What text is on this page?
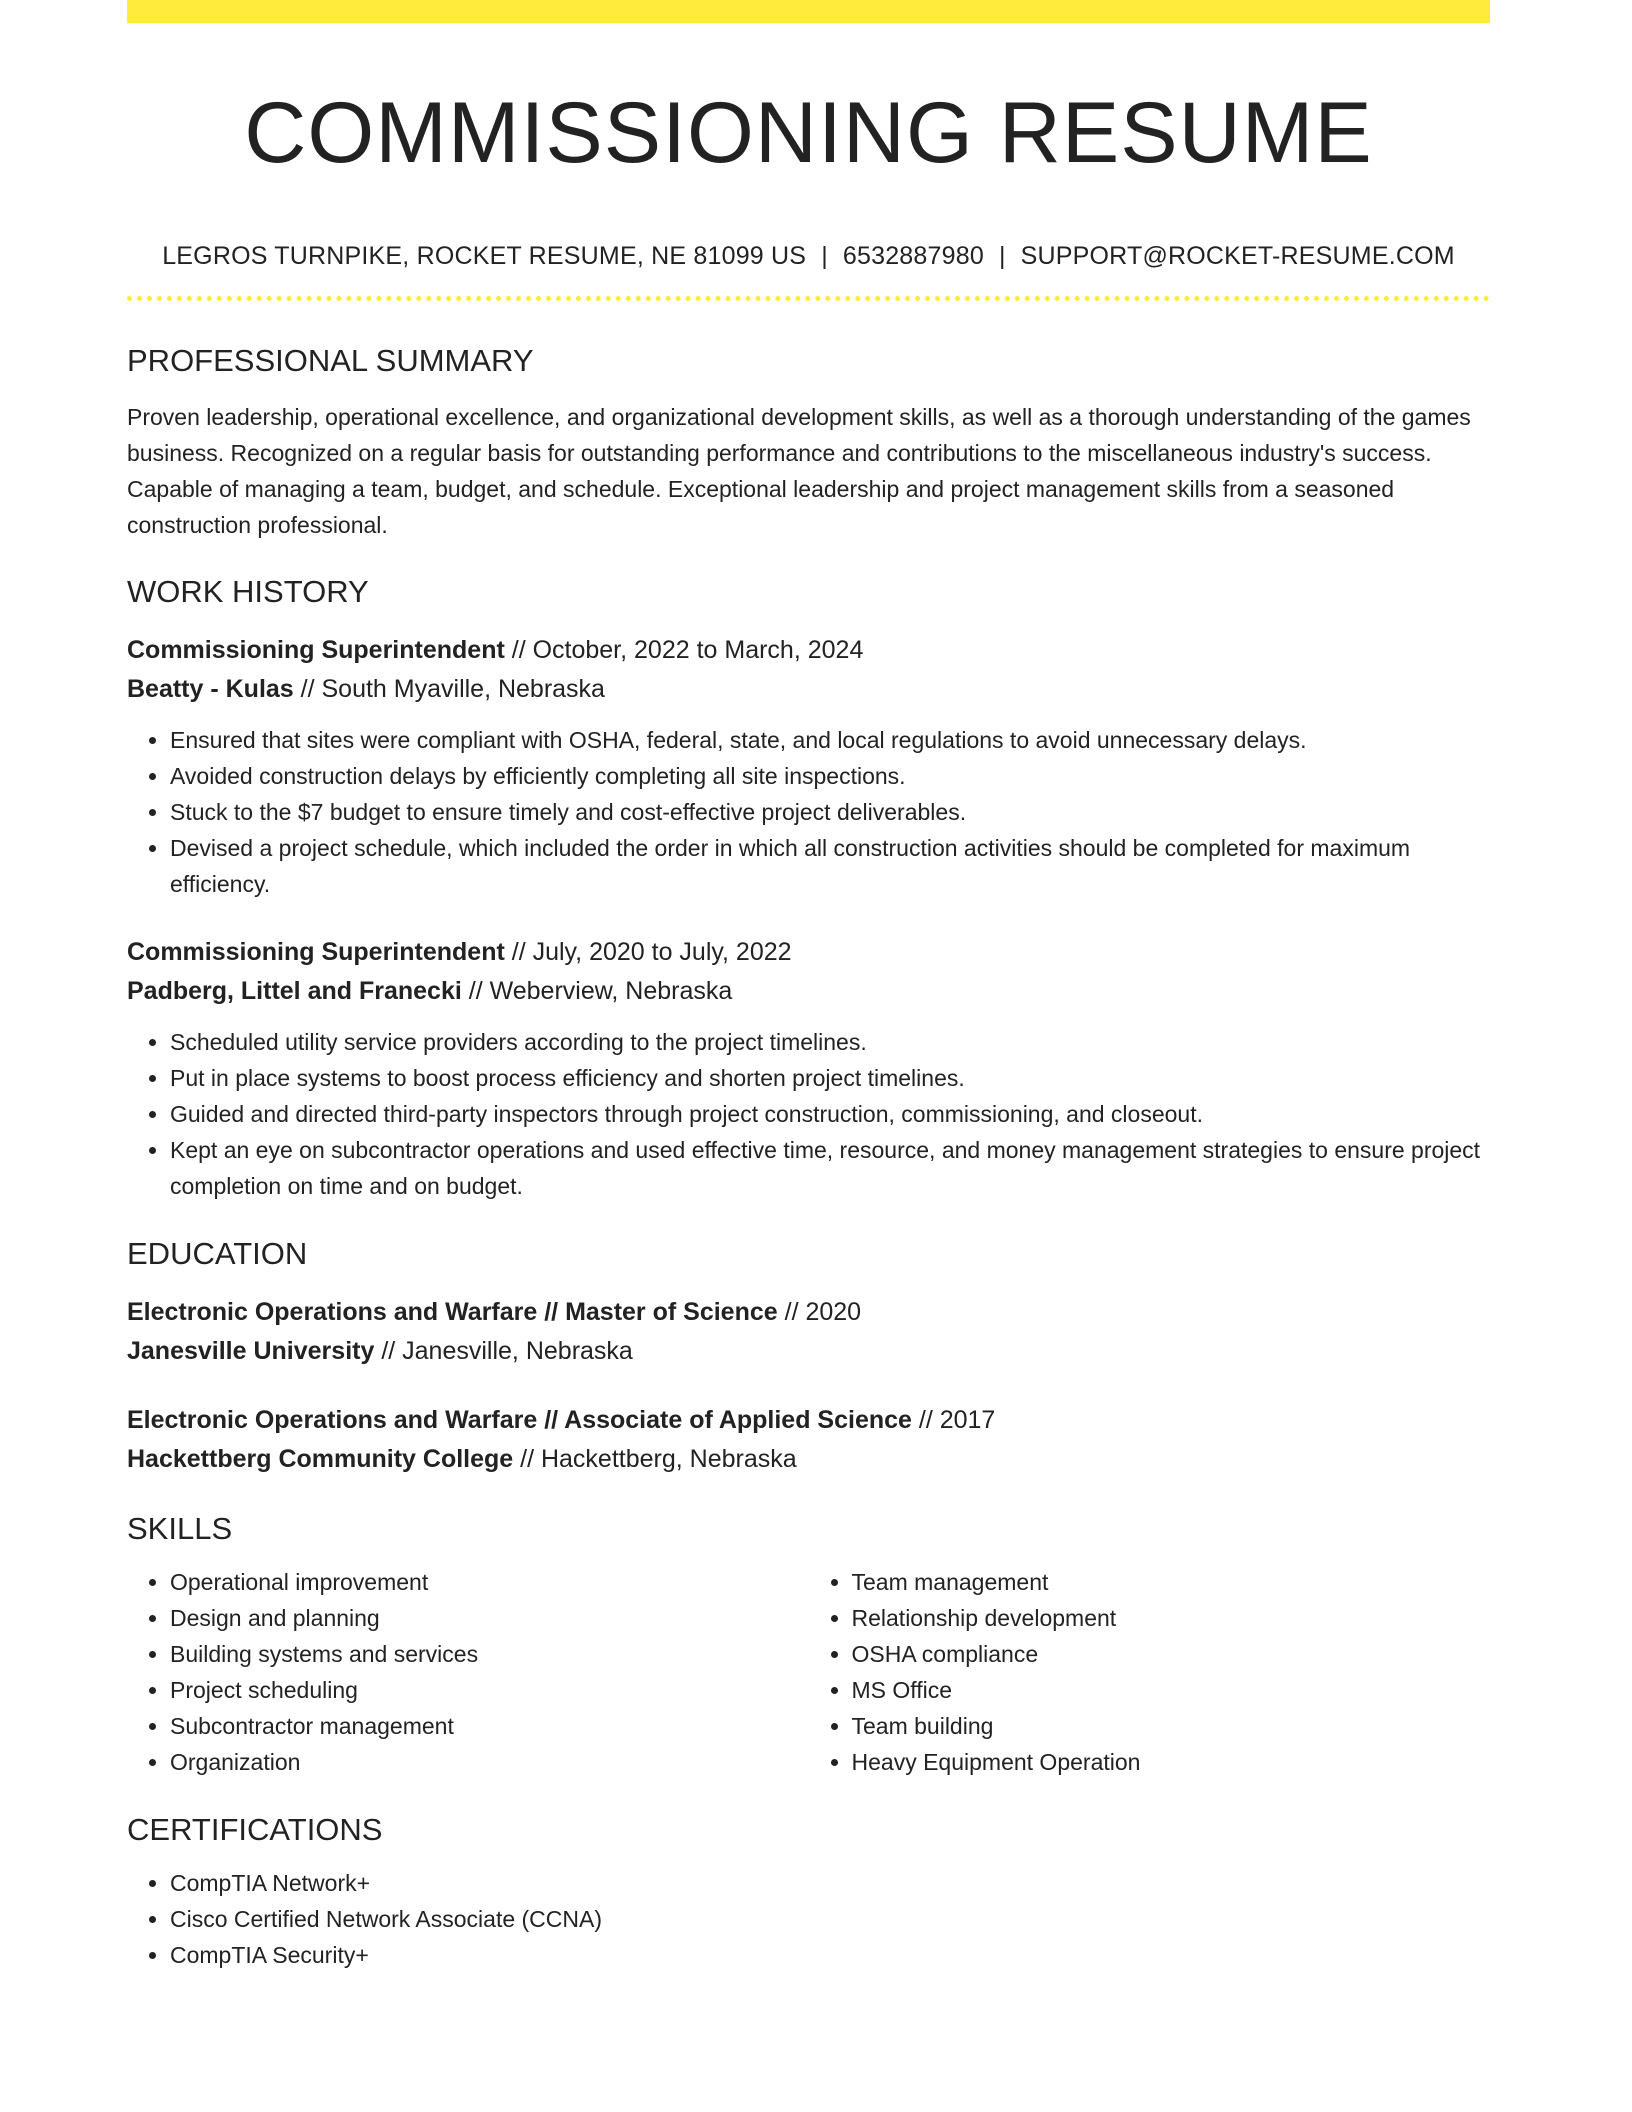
COMMISSIONING RESUME
LEGROS TURNPIKE, ROCKET RESUME, NE 81099 US | 6532887980 | SUPPORT@ROCKET-RESUME.COM
PROFESSIONAL SUMMARY
Proven leadership, operational excellence, and organizational development skills, as well as a thorough understanding of the games business. Recognized on a regular basis for outstanding performance and contributions to the miscellaneous industry's success. Capable of managing a team, budget, and schedule. Exceptional leadership and project management skills from a seasoned construction professional.
WORK HISTORY
Commissioning Superintendent // October, 2022 to March, 2024
Beatty - Kulas // South Myaville, Nebraska
• Ensured that sites were compliant with OSHA, federal, state, and local regulations to avoid unnecessary delays.
• Avoided construction delays by efficiently completing all site inspections.
• Stuck to the $7 budget to ensure timely and cost-effective project deliverables.
• Devised a project schedule, which included the order in which all construction activities should be completed for maximum efficiency.
Commissioning Superintendent // July, 2020 to July, 2022
Padberg, Littel and Franecki // Weberview, Nebraska
• Scheduled utility service providers according to the project timelines.
• Put in place systems to boost process efficiency and shorten project timelines.
• Guided and directed third-party inspectors through project construction, commissioning, and closeout.
• Kept an eye on subcontractor operations and used effective time, resource, and money management strategies to ensure project completion on time and on budget.
EDUCATION
Electronic Operations and Warfare // Master of Science // 2020
Janesville University // Janesville, Nebraska
Electronic Operations and Warfare // Associate of Applied Science // 2017
Hackettberg Community College // Hackettberg, Nebraska
SKILLS
• Operational improvement
• Design and planning
• Building systems and services
• Project scheduling
• Subcontractor management
• Organization
• Team management
• Relationship development
• OSHA compliance
• MS Office
• Team building
• Heavy Equipment Operation
CERTIFICATIONS
• CompTIA Network+
• Cisco Certified Network Associate (CCNA)
• CompTIA Security+
